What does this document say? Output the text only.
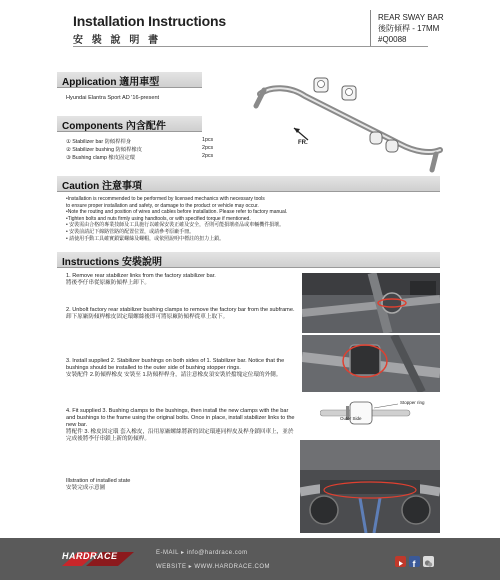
Installation Instructions
安 裝 說 明 書
REAR SWAY BAR
後防傾桿 - 17MM
#Q0088
Application 適用車型
Hyundai Elantra Sport AD '16-present
FR.
Components 內含配件
① Stabilizer bar 防傾桿桿身	1pcs
② Stabilizer bushing 防傾桿橡皮	2pcs
③ Bushing clamp 橡皮固定環	2pcs
Caution 注意事項
•Installation is recommended to be performed by licensed mechanics with necessary tools
to ensure proper installation and safety, or damage to the product or vehicle may occur.
•Note the routing and position of wires and cables before installation. Please refer to factory manual.
•Tighten bolts and nuts firmly using handtools, or with specified torque if mentioned.
• 安裝需由合格的專業技師及工具施行以確保安裝正確及安全，否則可能損壞產品或車輛機件損壞。
• 安裝前請記下線路管路的配置位置，或請參考原廠手冊。
• 請使用手動工具確實鎖緊螺絲及螺帽，或依照說明中標註的扭力上鎖。
Instructions 安裝說明
1. Remove rear stabilizer links from the factory stabilizer bar.
將後李仔串從原廠防傾桿上卸下。
2. Unbolt factory rear stabilizer bushing clamps to remove the factory bar from the subframe.
卸下原廠防傾桿橡皮固定環螺絲後即可將原廠防傾桿從車上取下。
3. Install supplied 2. Stabilizer bushings on both sides of 1. Stabilizer bar. Notice that the bushings should be installed to the outer side of bushing stopper rings.
安裝配件 2.防傾桿橡皮 安裝至 1.防傾桿桿身，請注意橡皮須安裝於擋塊定位環的外側。
4. Fit supplied 3. Bushing clamps to the bushings, then install the new clamps with the bar and bushings to the frame using the original bolts. Once in place, install stabilizer links to the new bar.
將配件 3. 橡皮固定環 套入橡皮，沿用原廠螺絲將新的固定環連同桿皮及桿身鎖回車上，並於完成後將李仔串鎖上新的防傾桿。
Illstration of installed state
安裝完成示意圖
Stopper ring
Outer Side
HARDRACE	E-MAIL ▸ info@hardrace.com
WEBSITE ▸ WWW.HARDRACE.COM	f
